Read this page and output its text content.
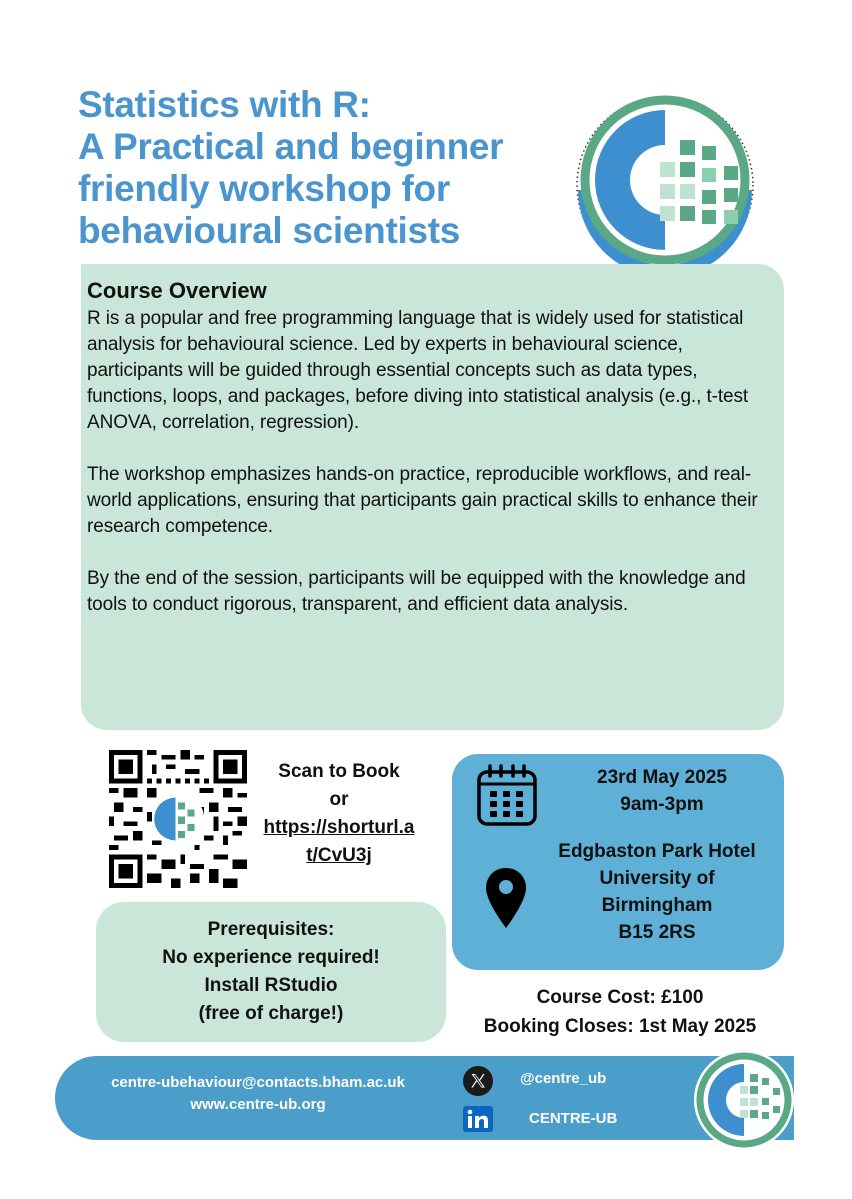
Statistics with R:
A Practical and beginner
friendly workshop for
behavioural scientists
Course Overview

R is a popular and free programming language that is widely used for statistical analysis for behavioural science. Led by experts in behavioural science, participants will be guided through essential concepts such as data types, functions, loops, and packages, before diving into statistical analysis (e.g., t-test ANOVA, correlation, regression).

The workshop emphasizes hands-on practice, reproducible workflows, and real-world applications, ensuring that participants gain practical skills to enhance their research competence.

By the end of the session, participants will be equipped with the knowledge and tools to conduct rigorous, transparent, and efficient data analysis.

Scan to Book
or
https://shorturl.a
t/CvU3j
23rd May 2025
9am-3pm
Edgbaston Park Hotel
University of
Birmingham
B15 2RS
Prerequisites:
No experience required!
Install RStudio
(free of charge!)
Course Cost: £100
Booking Closes: 1st May 2025
centre-ubehaviour@contacts.bham.ac.uk
www.centre-ub.org
@centre_ub
CENTRE-UB
